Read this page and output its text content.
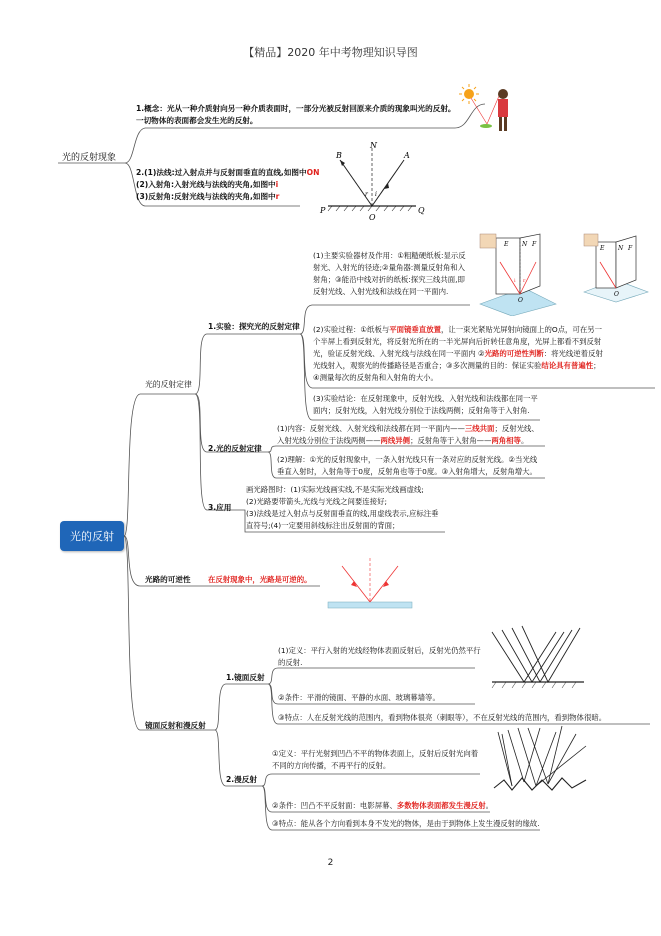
【精品】2020 年中考物理知识导图
光的反射现象
1.概念：光从一种介质射向另一种介质表面时，一部分光被反射回原来介质的现象叫光的反射。
一切物体的表面都会发生光的反射。
2.(1)法线:过入射点并与反射面垂直的直线,如图中ON
(2)入射角:入射光线与法线的夹角,如图中i
(3)反射角:反射光线与法线的夹角,如图中r
B
N
A
P
O
Q
r i
光的反射
光的反射定律
1.实验：探究光的反射定律
(1)主要实验器材及作用：①粗糙硬纸板:显示反
射光、入射光的径迹;②量角器:测量反射角和入
射角；③能沿中线对折的纸板:探究三线共面,即
反射光线、入射光线和法线在同一平面内.
(2)实验过程：①纸板与平面镜垂直放置，让一束光紧贴光屏射向镜面上的O点，可在另一
个半屏上看到反射光，将反射光所在的一半光屏向后折转任意角度，光屏上都看不到反射
光，验证反射光线、入射光线与法线在同一平面内 ②光路的可逆性判断：将光线逆着反射
光线射入，观察光的传播路径是否重合；③多次测量的目的：保证实验结论具有普遍性；
④测量每次的反射角和入射角的大小。
(3)实验结论：在反射现象中，反射光线、入射光线和法线都在同一平
面内；反射光线，入射光线分别位于法线两侧；反射角等于入射角.
E N F
O
i r
E N F
O
2.光的反射定律
(1)内容：反射光线、入射光线和法线都在同一平面内——三线共面；反射光线、
入射光线分别位于法线两侧——两线异侧；反射角等于入射角——两角相等。
(2)理解：①光的反射现象中，一条入射光线只有一条对应的反射光线。②当光线
垂直入射时，入射角等于0度，反射角也等于0度。③入射角增大，反射角增大。
3.应用
画光路图时：(1)实际光线画实线,不是实际光线画虚线;
(2)光路要带箭头,光线与光线之间要连接好;
(3)法线是过入射点与反射面垂直的线,用虚线表示,应标注垂
直符号;(4)一定要用斜线标注出反射面的背面；
光路的可逆性 在反射现象中，光路是可逆的。
镜面反射和漫反射
1.镜面反射
(1)定义：平行入射的光线经物体表面反射后，反射光仍然平行
的反射.
②条件：平滑的镜面、平静的水面、玻璃幕墙等。
③特点：人在反射光线的范围内，看到物体很亮（刺眼等），不在反射光线的范围内，看到物体很暗。
2.漫反射
①定义：平行光射到凹凸不平的物体表面上，反射后反射光向着
不同的方向传播，不再平行的反射。
②条件：凹凸不平反射面：电影屏幕、多数物体表面都发生漫反射。
③特点：能从各个方向看到本身不发光的物体，是由于到物体上发生漫反射的缘故.
2
